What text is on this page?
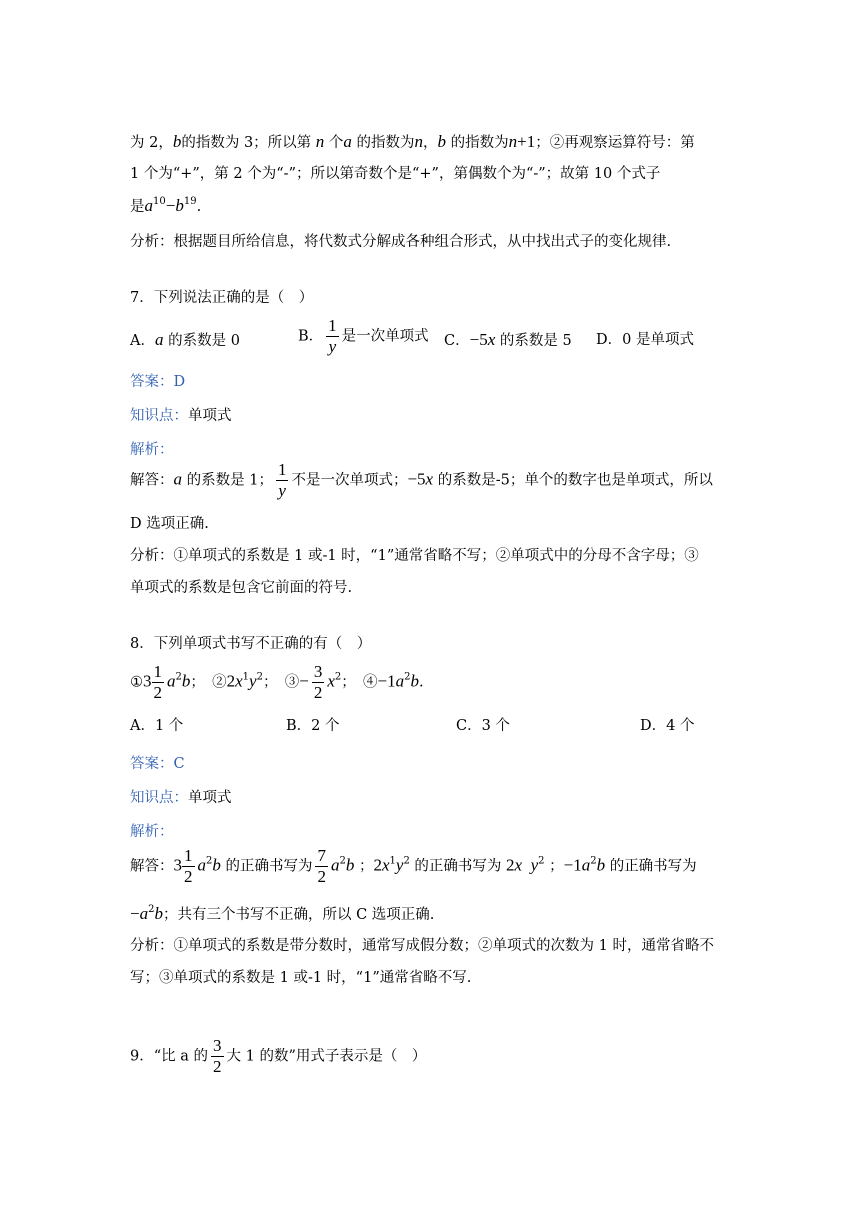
为 2，b的指数为 3；所以第 n 个a 的指数为n，b 的指数为n+1；②再观察运算符号：第
1 个为“+”，第 2 个为“-”；所以第奇数个是“+”，第偶数个为“-”；故第 10 个式子
是$a^{10}-b^{19}$.
分析：根据题目所给信息，将代数式分解成各种组合形式，从中找出式子的变化规律.
7．下列说法正确的是（　）
A．a 的系数是 0	B． $\frac{1}{y}$ 是一次单项式 C．−5x 的系数是 5 D．0 是单项式
答案：D
知识点：单项式
解析：
解答：a 的系数是 1； $\frac{1}{y}$ 不是一次单项式；−5x 的系数是-5；单个的数字也是单项式，所以
D 选项正确.
分析：①单项式的系数是 1 或-1 时，“1”通常省略不写；②单项式中的分母不含字母；③
单项式的系数是包含它前面的符号.
8．下列单项式书写不正确的有（　）
①3 $\frac{1}{2} a^2b$；　$②2x^1y^2$；　③− $\frac{3}{2} x^2$；　$④-1a^2b$.
A．1 个	B．2 个	C．3 个	D．4 个
答案：C
知识点：单项式
解析：
解答：$3 \frac{1}{2} a^2b$ 的正确书写为 $\frac{7}{2} a^2b$ ；$2x^1y^2$ 的正确书写为 2x  $y^2$ ；$-1a^2b$ 的正确书写为
$-a^2b$；共有三个书写不正确，所以 C 选项正确.
分析：①单项式的系数是带分数时，通常写成假分数；②单项式的次数为 1 时，通常省略不
写；③单项式的系数是 1 或-1 时，“1”通常省略不写.
9．“比 a 的 $\frac{3}{2}$ 大 1 的数”用式子表示是（　）
